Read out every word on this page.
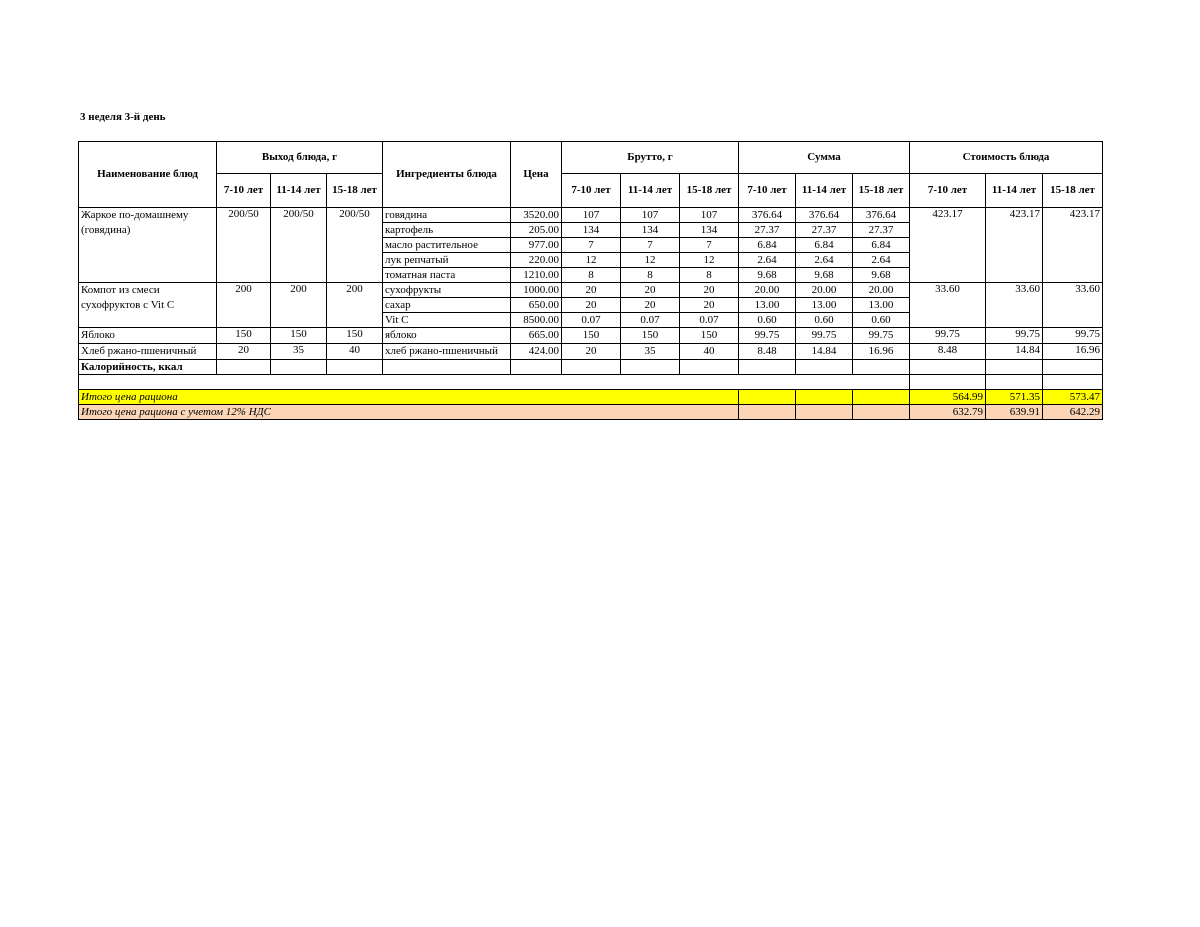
3 неделя 3-й день

Наименование блюд	Выход блюда, г			Ингредиенты блюда	Цена	Брутто, г			Сумма			Стоимость блюда		
	7-10 лет	11-14 лет	15-18 лет			7-10 лет	11-14 лет	15-18 лет	7-10 лет	11-14 лет	15-18 лет	7-10 лет	11-14 лет	15-18 лет
Жаркое по-домашнему (говядина)	200/50	200/50	200/50	говядина	3520.00	107	107	107	376.64	376.64	376.64	423.17	423.17	423.17
				картофель	205.00	134	134	134	27.37	27.37	27.37			
				масло растительное	977.00	7	7	7	6.84	6.84	6.84			
				лук репчатый	220.00	12	12	12	2.64	2.64	2.64			
				томатная паста	1210.00	8	8	8	9.68	9.68	9.68			
Компот из смеси сухофруктов с Vit C	200	200	200	сухофрукты	1000.00	20	20	20	20.00	20.00	20.00	33.60	33.60	33.60
				сахар	650.00	20	20	20	13.00	13.00	13.00			
				Vit C	8500.00	0.07	0.07	0.07	0.60	0.60	0.60			
Яблоко	150	150	150	яблоко	665.00	150	150	150	99.75	99.75	99.75	99.75	99.75	99.75
Хлеб ржано-пшеничный	20	35	40	хлеб ржано-пшеничный	424.00	20	35	40	8.48	14.84	16.96	8.48	14.84	16.96
Калорийность, ккал														

Итого цена рациона												564.99	571.35	573.47
Итого цена рациона с учетом 12% НДС												632.79	639.91	642.29
